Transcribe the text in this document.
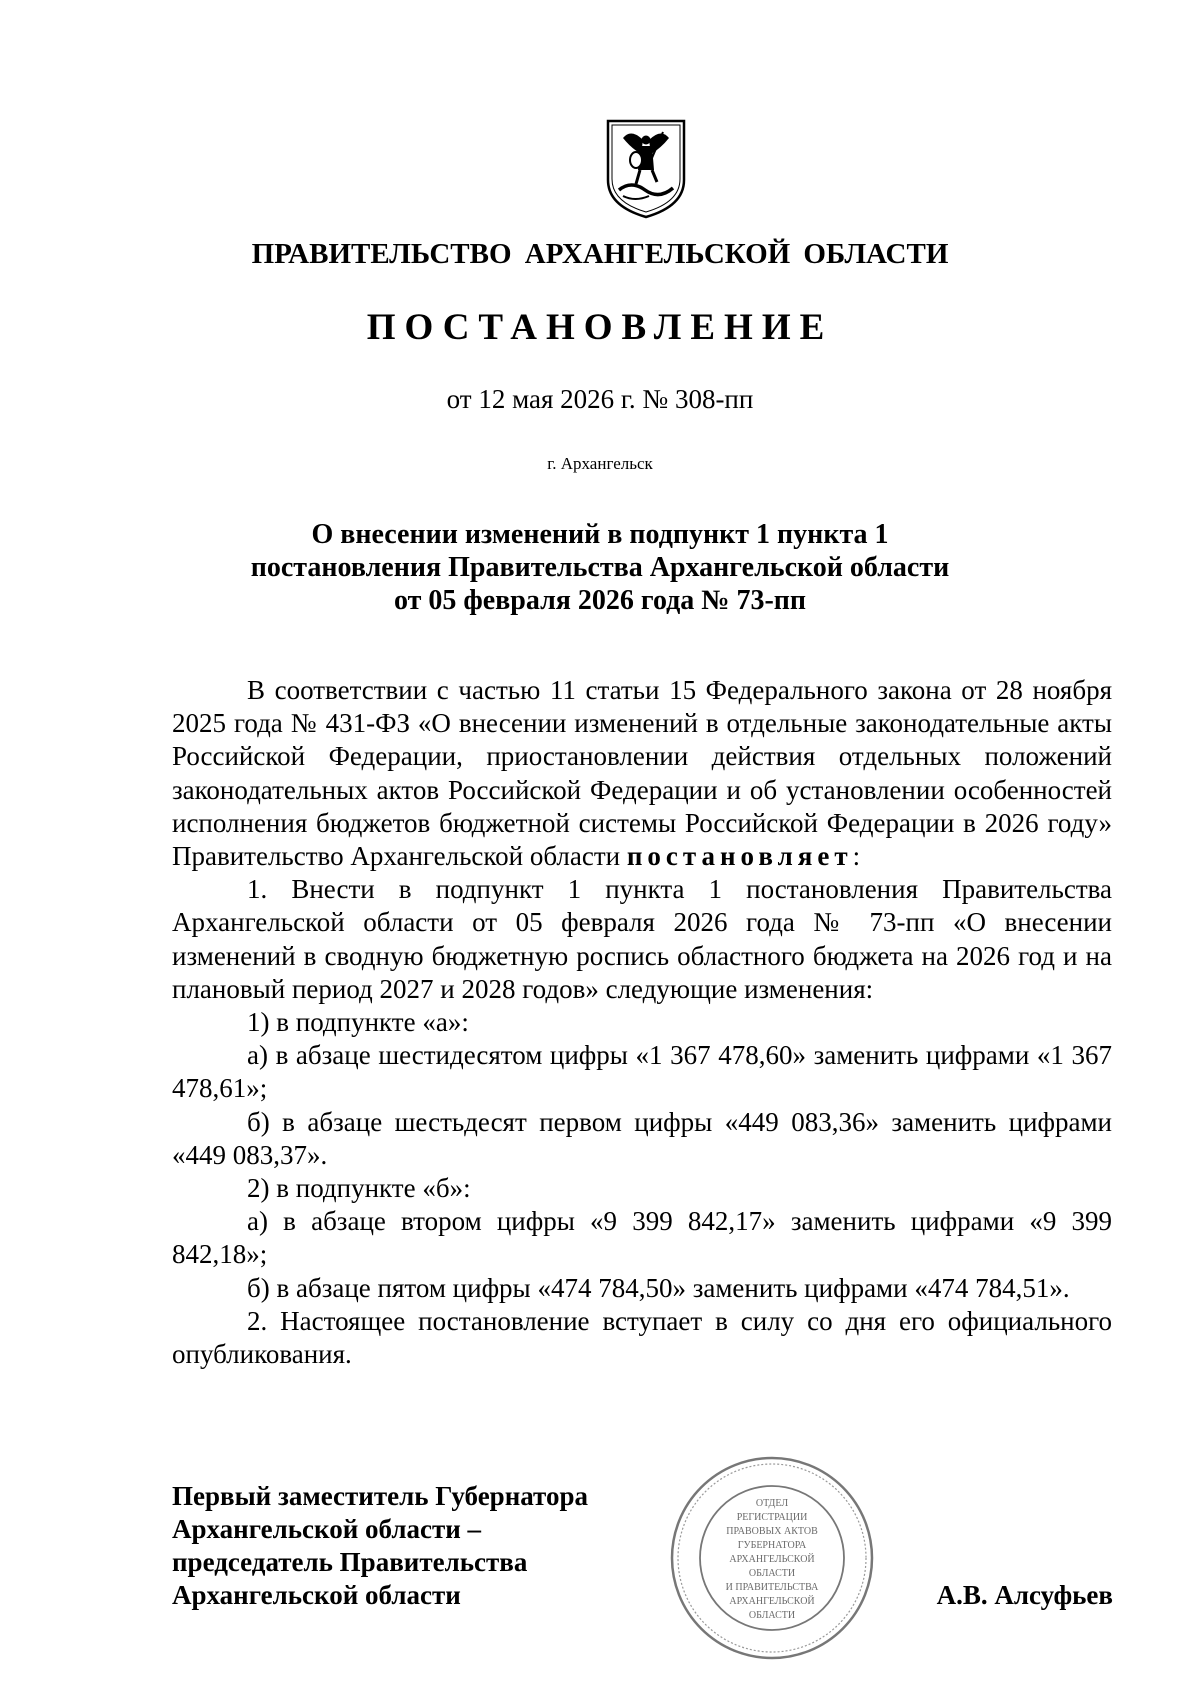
ПРАВИТЕЛЬСТВО АРХАНГЕЛЬСКОЙ ОБЛАСТИ
ПОСТАНОВЛЕНИЕ
от 12 мая 2026 г. № 308-пп
г. Архангельск
О внесении изменений в подпункт 1 пункта 1
постановления Правительства Архангельской области
от 05 февраля 2026 года № 73-пп

В соответствии с частью 11 статьи 15 Федерального закона от 28 ноября 2025 года № 431-ФЗ «О внесении изменений в отдельные законодательные акты Российской Федерации, приостановлении действия отдельных положений законодательных актов Российской Федерации и об установлении особенностей исполнения бюджетов бюджетной системы Российской Федерации в 2026 году» Правительство Архангельской области постановляет:

1. Внести в подпункт 1 пункта 1 постановления Правительства Архангельской области от 05 февраля 2026 года № 73-пп «О внесении изменений в сводную бюджетную роспись областного бюджета на 2026 год и на плановый период 2027 и 2028 годов» следующие изменения:

1) в подпункте «а»:

а) в абзаце шестидесятом цифры «1 367 478,60» заменить цифрами «1 367 478,61»;

б) в абзаце шестьдесят первом цифры «449 083,36» заменить цифрами «449 083,37».

2) в подпункте «б»:

а) в абзаце втором цифры «9 399 842,17» заменить цифрами «9 399 842,18»;

б) в абзаце пятом цифры «474 784,50» заменить цифрами «474 784,51».

2. Настоящее постановление вступает в силу со дня его официального опубликования.

Первый заместитель Губернатора
Архангельской области –
председатель Правительства
Архангельской области
ОТДЕЛ
РЕГИСТРАЦИИ
ПРАВОВЫХ АКТОВ
ГУБЕРНАТОРА
АРХАНГЕЛЬСКОЙ
ОБЛАСТИ
И ПРАВИТЕЛЬСТВА
АРХАНГЕЛЬСКОЙ
ОБЛАСТИ
А.В. Алсуфьев
